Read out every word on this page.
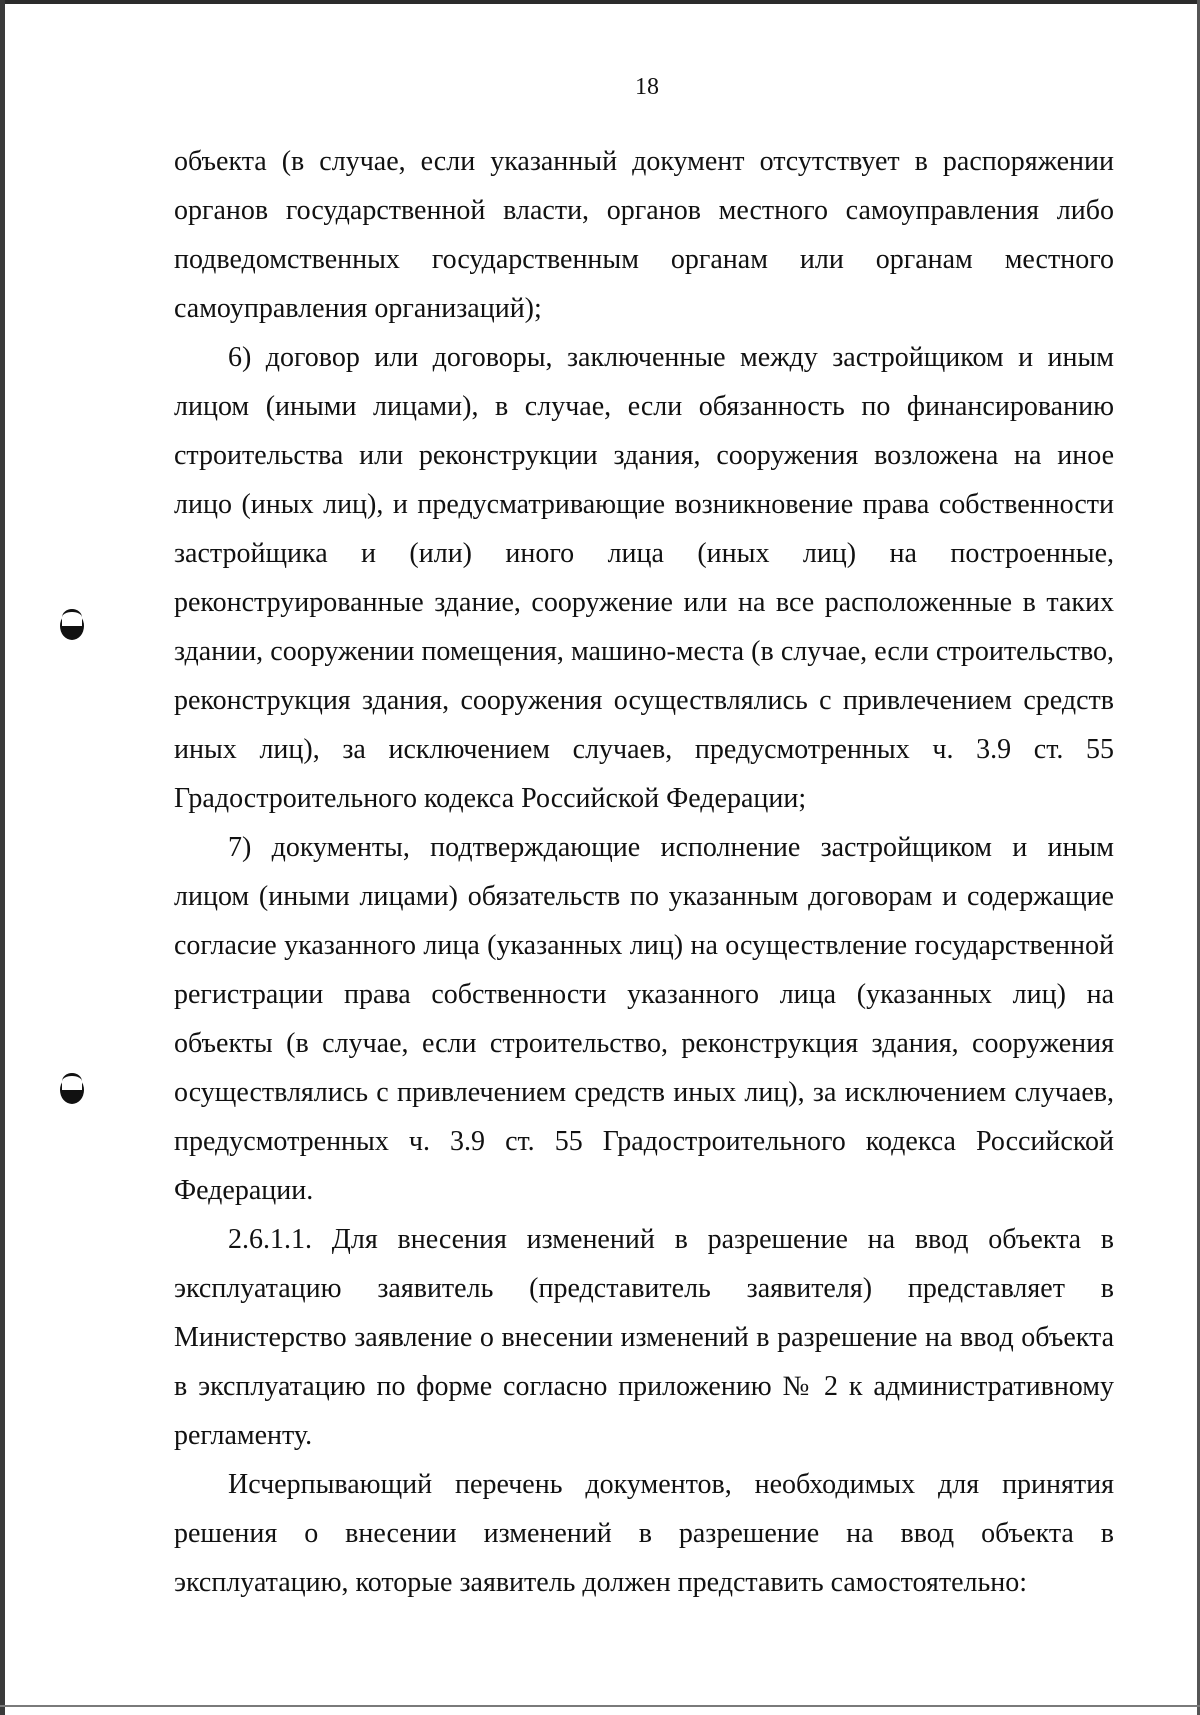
18

объекта (в случае, если указанный документ отсутствует в распоряжении органов государственной власти, органов местного самоуправления либо подведомственных государственным органам или органам местного самоуправления организаций);

6) договор или договоры, заключенные между застройщиком и иным лицом (иными лицами), в случае, если обязанность по финансированию строительства или реконструкции здания, сооружения возложена на иное лицо (иных лиц), и предусматривающие возникновение права собственности застройщика и (или) иного лица (иных лиц) на построенные, реконструированные здание, сооружение или на все расположенные в таких здании, сооружении помещения, машино-места (в случае, если строительство, реконструкция здания, сооружения осуществлялись с привлечением средств иных лиц), за исключением случаев, предусмотренных ч. 3.9 ст. 55 Градостроительного кодекса Российской Федерации;

7) документы, подтверждающие исполнение застройщиком и иным лицом (иными лицами) обязательств по указанным договорам и содержащие согласие указанного лица (указанных лиц) на осуществление государственной регистрации права собственности указанного лица (указанных лиц) на объекты (в случае, если строительство, реконструкция здания, сооружения осуществлялись с привлечением средств иных лиц), за исключением случаев, предусмотренных ч. 3.9 ст. 55 Градостроительного кодекса Российской Федерации.

2.6.1.1. Для внесения изменений в разрешение на ввод объекта в эксплуатацию заявитель (представитель заявителя) представляет в Министерство заявление о внесении изменений в разрешение на ввод объекта в эксплуатацию по форме согласно приложению № 2 к административному регламенту.

Исчерпывающий перечень документов, необходимых для принятия решения о внесении изменений в разрешение на ввод объекта в эксплуатацию, которые заявитель должен представить самостоятельно:
